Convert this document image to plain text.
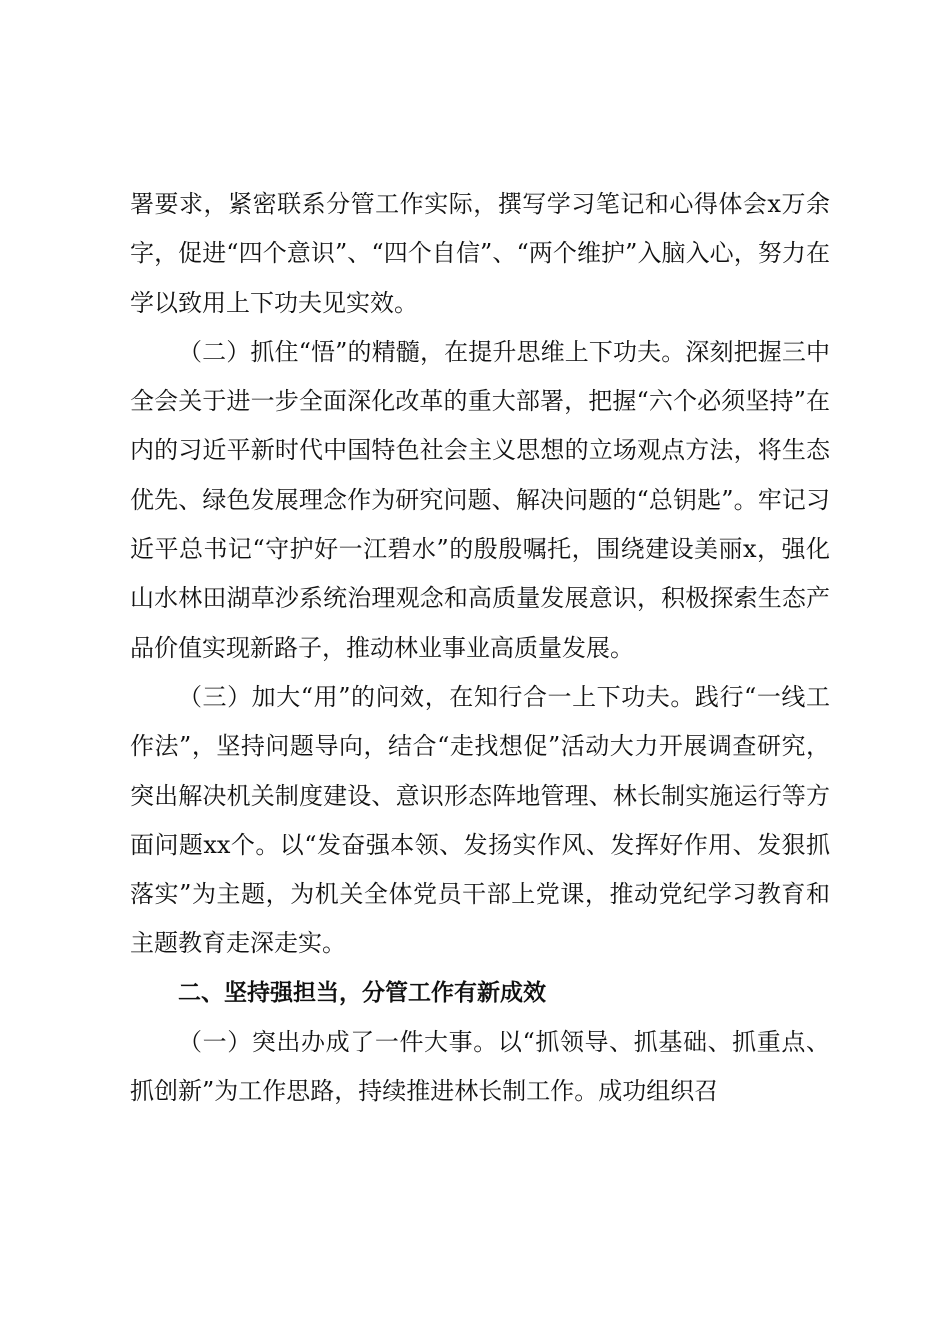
署要求，紧密联系分管工作实际，撰写学习笔记和心得体会x万余字，促进“四个意识”、“四个自信”、“两个维护”入脑入心，努力在学以致用上下功夫见实效。

（二）抓住“悟”的精髓，在提升思维上下功夫。深刻把握三中全会关于进一步全面深化改革的重大部署，把握“六个必须坚持”在内的习近平新时代中国特色社会主义思想的立场观点方法，将生态优先、绿色发展理念作为研究问题、解决问题的“总钥匙”。牢记习近平总书记“守护好一江碧水”的殷殷嘱托，围绕建设美丽x，强化山水林田湖草沙系统治理观念和高质量发展意识，积极探索生态产品价值实现新路子，推动林业事业高质量发展。

（三）加大“用”的问效，在知行合一上下功夫。践行“一线工作法”，坚持问题导向，结合“走找想促”活动大力开展调查研究，突出解决机关制度建设、意识形态阵地管理、林长制实施运行等方面问题xx个。以“发奋强本领、发扬实作风、发挥好作用、发狠抓落实”为主题，为机关全体党员干部上党课，推动党纪学习教育和主题教育走深走实。

二、坚持强担当，分管工作有新成效

（一）突出办成了一件大事。以“抓领导、抓基础、抓重点、抓创新”为工作思路，持续推进林长制工作。成功组织召
